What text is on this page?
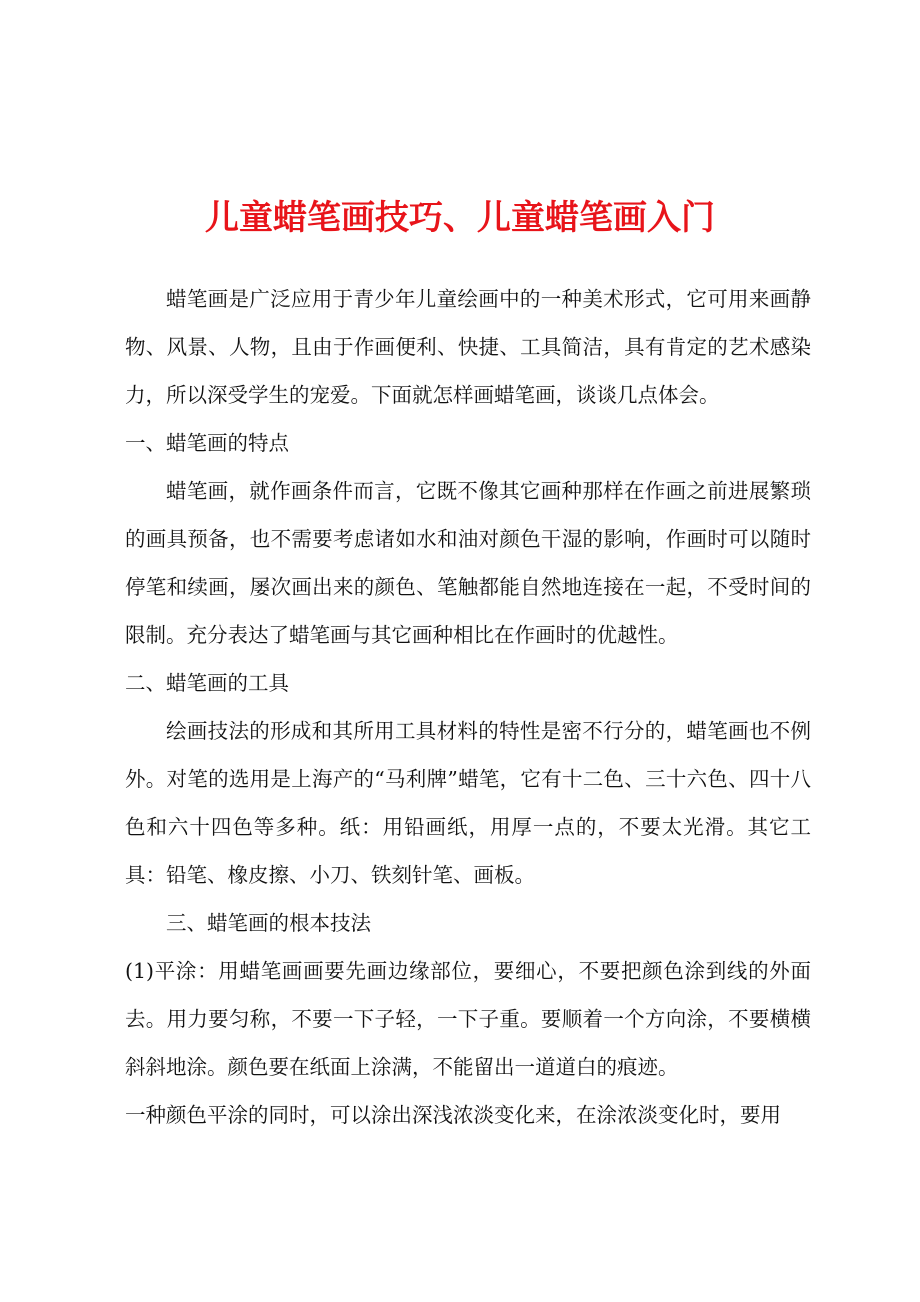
儿童蜡笔画技巧、儿童蜡笔画入门

蜡笔画是广泛应用于青少年儿童绘画中的一种美术形式，它可用来画静物、风景、人物，且由于作画便利、快捷、工具简洁，具有肯定的艺术感染力，所以深受学生的宠爱。下面就怎样画蜡笔画，谈谈几点体会。

一、蜡笔画的特点

蜡笔画，就作画条件而言，它既不像其它画种那样在作画之前进展繁琐的画具预备，也不需要考虑诸如水和油对颜色干湿的影响，作画时可以随时停笔和续画，屡次画出来的颜色、笔触都能自然地连接在一起，不受时间的限制。充分表达了蜡笔画与其它画种相比在作画时的优越性。

二、蜡笔画的工具

绘画技法的形成和其所用工具材料的特性是密不行分的，蜡笔画也不例外。对笔的选用是上海产的“马利牌”蜡笔，它有十二色、三十六色、四十八色和六十四色等多种。纸：用铅画纸，用厚一点的，不要太光滑。其它工具：铅笔、橡皮擦、小刀、铁刻针笔、画板。

三、蜡笔画的根本技法

(1)平涂：用蜡笔画画要先画边缘部位，要细心，不要把颜色涂到线的外面去。用力要匀称，不要一下子轻，一下子重。要顺着一个方向涂，不要横横斜斜地涂。颜色要在纸面上涂满，不能留出一道道白的痕迹。

一种颜色平涂的同时，可以涂出深浅浓淡变化来，在涂浓淡变化时，要用
